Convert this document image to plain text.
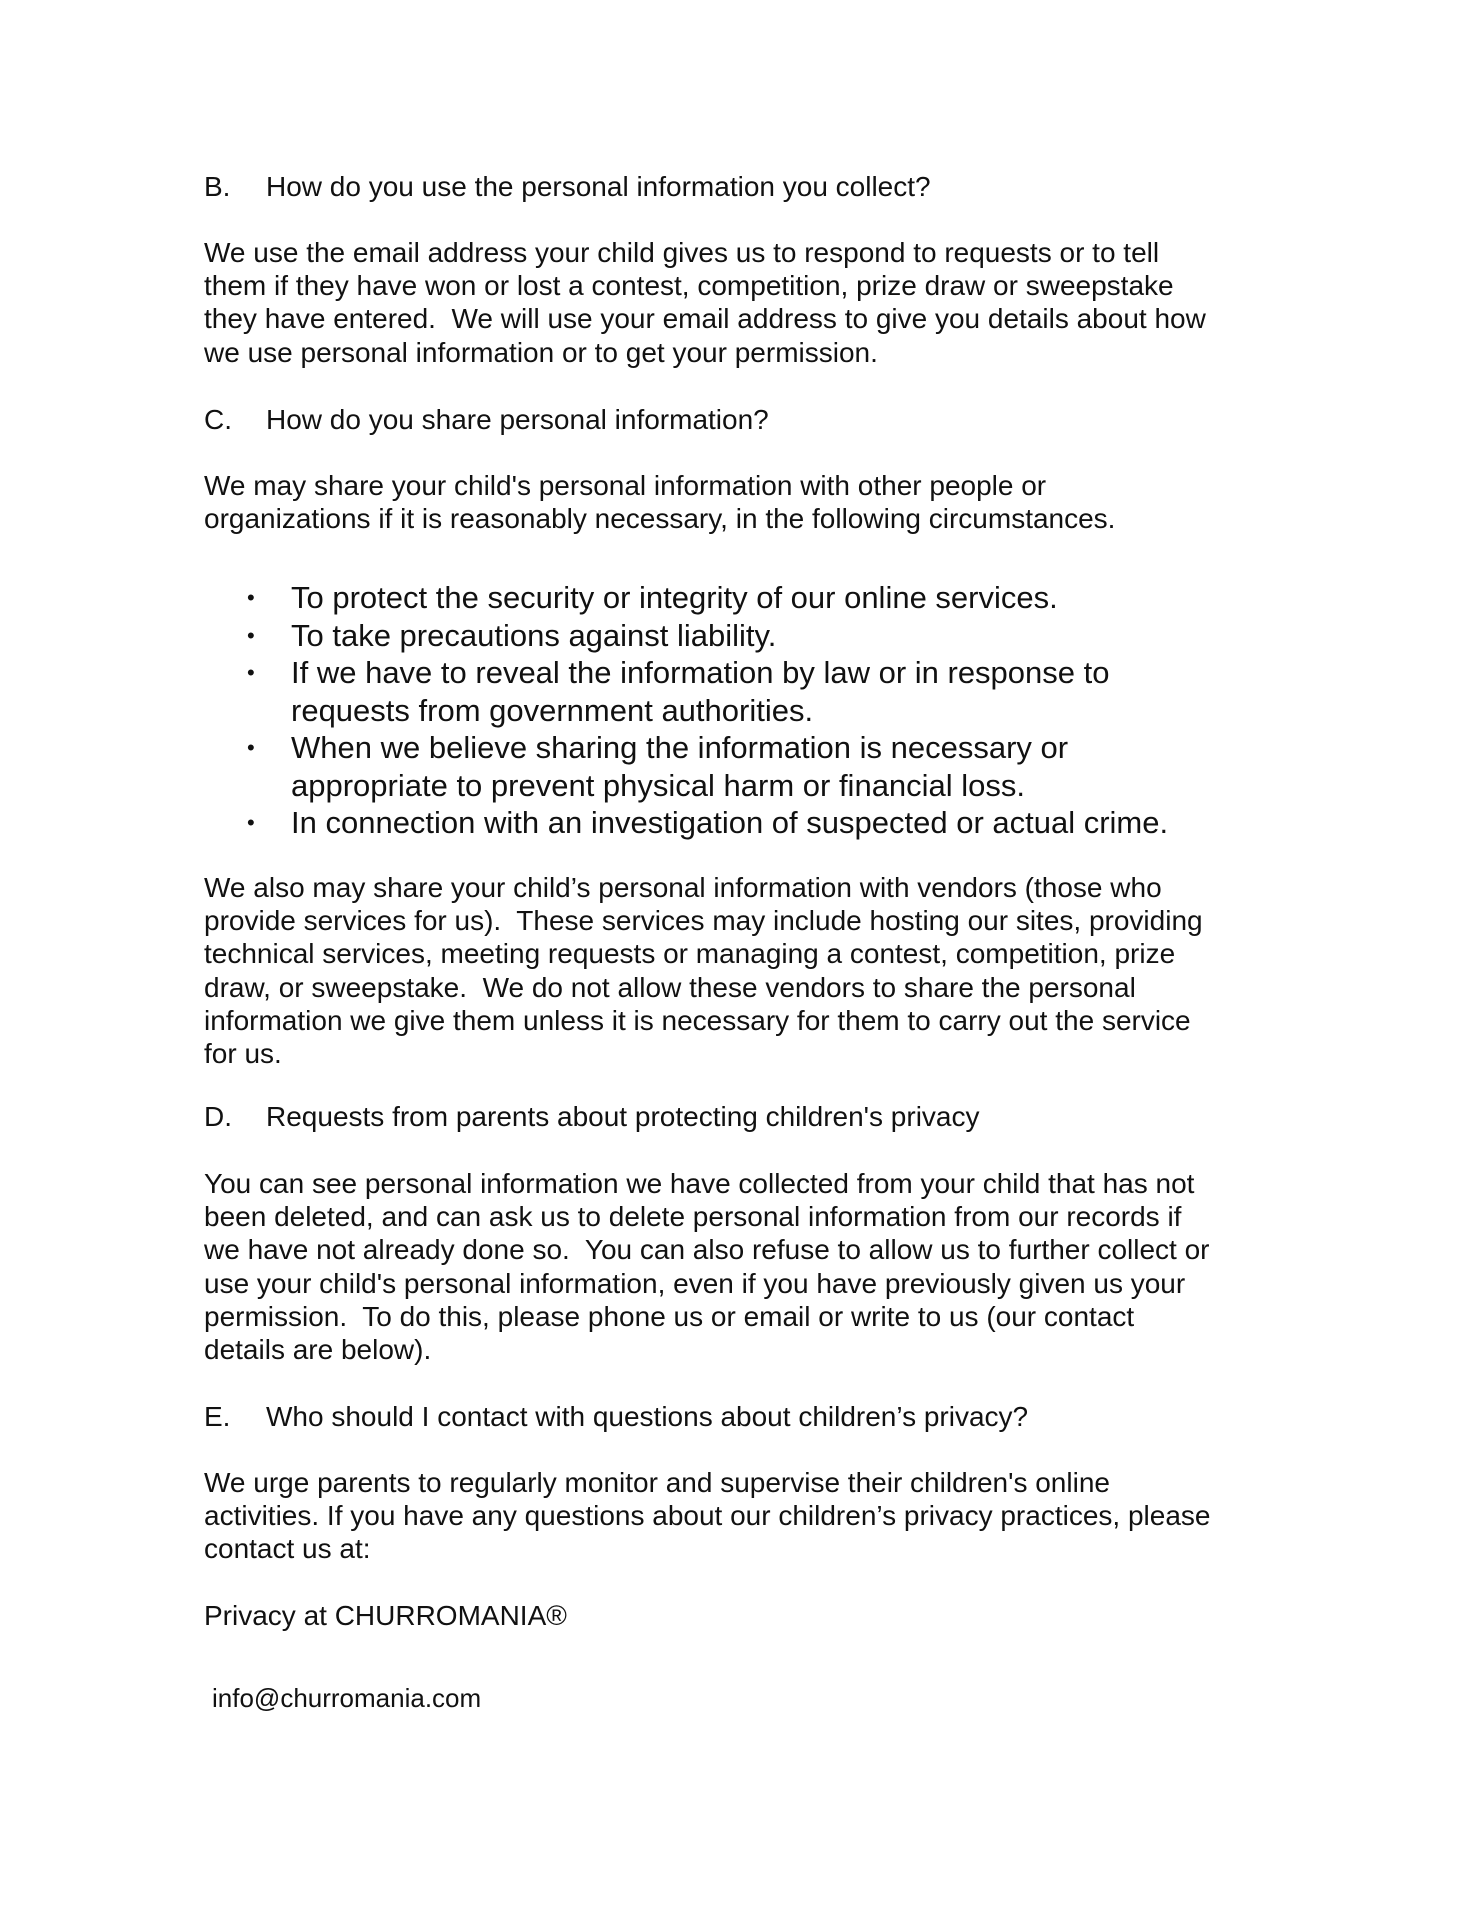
B. How do you use the personal information you collect?

We use the email address your child gives us to respond to requests or to tell
them if they have won or lost a contest, competition, prize draw or sweepstake
they have entered.  We will use your email address to give you details about how
we use personal information or to get your permission.

C. How do you share personal information?

We may share your child's personal information with other people or
organizations if it is reasonably necessary, in the following circumstances.

• To protect the security or integrity of our online services.
• To take precautions against liability.
• If we have to reveal the information by law or in response to
requests from government authorities.
• When we believe sharing the information is necessary or
appropriate to prevent physical harm or financial loss.
• In connection with an investigation of suspected or actual crime.

We also may share your child’s personal information with vendors (those who
provide services for us).  These services may include hosting our sites, providing
technical services, meeting requests or managing a contest, competition, prize
draw, or sweepstake.  We do not allow these vendors to share the personal
information we give them unless it is necessary for them to carry out the service
for us.

D. Requests from parents about protecting children's privacy

You can see personal information we have collected from your child that has not
been deleted, and can ask us to delete personal information from our records if
we have not already done so.  You can also refuse to allow us to further collect or
use your child's personal information, even if you have previously given us your
permission.  To do this, please phone us or email or write to us (our contact
details are below).

E. Who should I contact with questions about children’s privacy?

We urge parents to regularly monitor and supervise their children's online
activities. If you have any questions about our children’s privacy practices, please
contact us at:

Privacy at CHURROMANIA®

info@churromania.com
